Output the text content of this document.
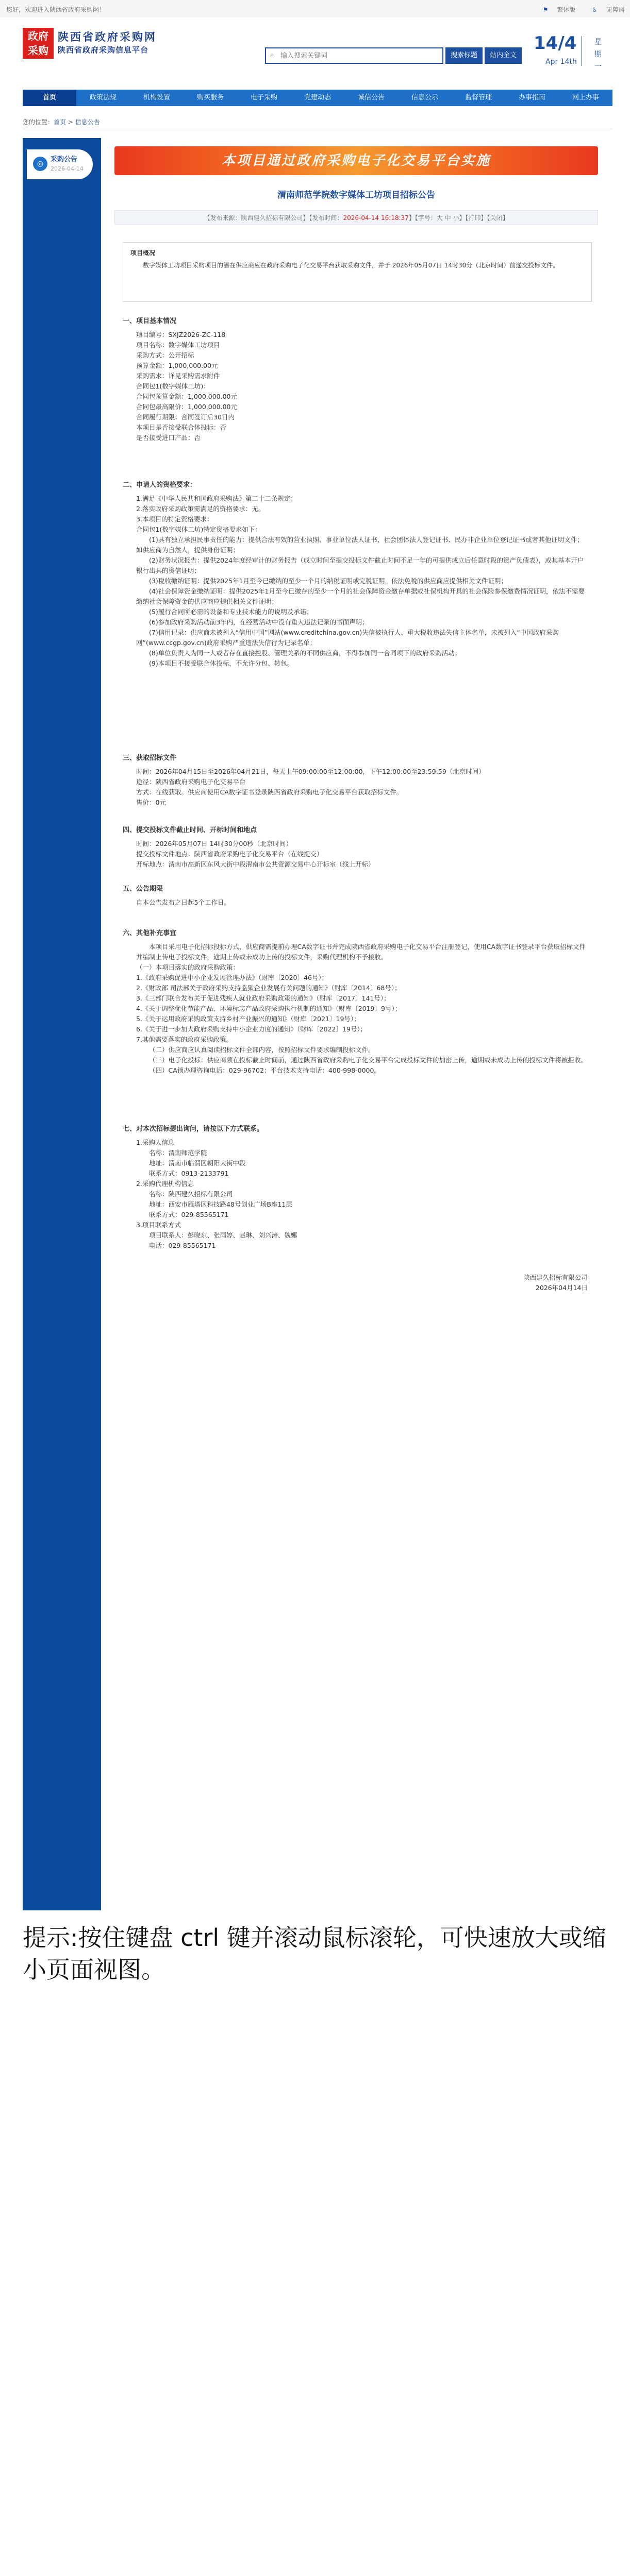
您好，欢迎进入陕西省政府采购网！	⚑ 繁体版	♿ 无障碍
政府
采购
陕西省政府采购网
陕西省政府采购信息平台
⌕
输入搜索关键词	搜索标题	站内全文
14/4
Apr 14th
星期一
首页	政策法规	机构设置	购买服务	电子采购	党建动态	诚信公告	信息公示	监督管理	办事指南	网上办事
您的位置：首页 > 信息公告
◎
采购公告
2026-04-14
本项目通过政府采购电子化交易平台实施
渭南师范学院数字媒体工坊项目招标公告
【发布来源：陕西建久招标有限公司】【发布时间：2026-04-14 16:18:37】【字号：大 中 小】【打印】【关闭】
项目概况
数字媒体工坊项目采购项目的潜在供应商应在政府采购电子化交易平台获取采购文件，并于 2026年05月07日 14时30分（北京时间）前递交投标文件。
一、项目基本情况
项目编号：SXJZ2026-ZC-118
项目名称：数字媒体工坊项目
采购方式：公开招标
预算金额：1,000,000.00元
采购需求：详见采购需求附件
合同包1(数字媒体工坊)：
合同包预算金额：1,000,000.00元
合同包最高限价：1,000,000.00元
合同履行期限：合同签订后30日内
本项目是否接受联合体投标：否
是否接受进口产品：否
二、申请人的资格要求：
1.满足《中华人民共和国政府采购法》第二十二条规定；
2.落实政府采购政策需满足的资格要求：无。
3.本项目的特定资格要求：
合同包1(数字媒体工坊)特定资格要求如下：
(1)具有独立承担民事责任的能力：提供合法有效的营业执照、事业单位法人证书、社会团体法人登记证书、民办非企业单位登记证书或者其他证明文件；如供应商为自然人，提供身份证明；
(2)财务状况报告：提供2024年度经审计的财务报告（成立时间至提交投标文件截止时间不足一年的可提供成立后任意时段的资产负债表），或其基本开户银行出具的资信证明；
(3)税收缴纳证明：提供2025年1月至今已缴纳的至少一个月的纳税证明或完税证明，依法免税的供应商应提供相关文件证明；
(4)社会保障资金缴纳证明：提供2025年1月至今已缴存的至少一个月的社会保障资金缴存单据或社保机构开具的社会保险参保缴费情况证明，依法不需要缴纳社会保障资金的供应商应提供相关文件证明；
(5)履行合同所必需的设备和专业技术能力的说明及承诺；
(6)参加政府采购活动前3年内，在经营活动中没有重大违法记录的书面声明；
(7)信用记录：供应商未被列入“信用中国”网站(www.creditchina.gov.cn)失信被执行人、重大税收违法失信主体名单，未被列入“中国政府采购网”(www.ccgp.gov.cn)政府采购严重违法失信行为记录名单；
(8)单位负责人为同一人或者存在直接控股、管理关系的不同供应商，不得参加同一合同项下的政府采购活动；
(9)本项目不接受联合体投标，不允许分包、转包。
三、获取招标文件
时间：2026年04月15日至2026年04月21日，每天上午09:00:00至12:00:00，下午12:00:00至23:59:59（北京时间）
途径：陕西省政府采购电子化交易平台
方式：在线获取。供应商使用CA数字证书登录陕西省政府采购电子化交易平台获取招标文件。
售价：0元
四、提交投标文件截止时间、开标时间和地点
时间：2026年05月07日 14时30分00秒（北京时间）
提交投标文件地点：陕西省政府采购电子化交易平台（在线提交）
开标地点：渭南市高新区东风大街中段渭南市公共资源交易中心开标室（线上开标）
五、公告期限
自本公告发布之日起5个工作日。
六、其他补充事宜
本项目采用电子化招标投标方式，供应商需提前办理CA数字证书并完成陕西省政府采购电子化交易平台注册登记，使用CA数字证书登录平台获取招标文件并编制上传电子投标文件，逾期上传或未成功上传的投标文件，采购代理机构不予接收。
（一）本项目落实的政府采购政策：
1.《政府采购促进中小企业发展管理办法》（财库〔2020〕46号）；
2.《财政部 司法部关于政府采购支持监狱企业发展有关问题的通知》（财库〔2014〕68号）；
3.《三部门联合发布关于促进残疾人就业政府采购政策的通知》（财库〔2017〕141号）；
4.《关于调整优化节能产品、环境标志产品政府采购执行机制的通知》（财库〔2019〕9号）；
5.《关于运用政府采购政策支持乡村产业振兴的通知》（财库〔2021〕19号）；
6.《关于进一步加大政府采购支持中小企业力度的通知》（财库〔2022〕19号）；
7.其他需要落实的政府采购政策。
（二）供应商应认真阅读招标文件全部内容，按照招标文件要求编制投标文件。
（三）电子化投标：供应商须在投标截止时间前，通过陕西省政府采购电子化交易平台完成投标文件的加密上传，逾期或未成功上传的投标文件将被拒收。
（四）CA锁办理咨询电话：029-96702；平台技术支持电话：400-998-0000。
七、对本次招标提出询问，请按以下方式联系。
1.采购人信息
名称：渭南师范学院
地址：渭南市临渭区朝阳大街中段
联系方式：0913-2133791
2.采购代理机构信息
名称：陕西建久招标有限公司
地址：西安市雁塔区科技路48号创业广场B座11层
联系方式：029-85565171
3.项目联系方式
项目联系人：彭晓东、张雨婷、赵琳、刘兴涛、魏娜
电话：029-85565171
陕西建久招标有限公司
2026年04月14日
提示:按住键盘 ctrl 键并滚动鼠标滚轮，可快速放大或缩小页面视图。
